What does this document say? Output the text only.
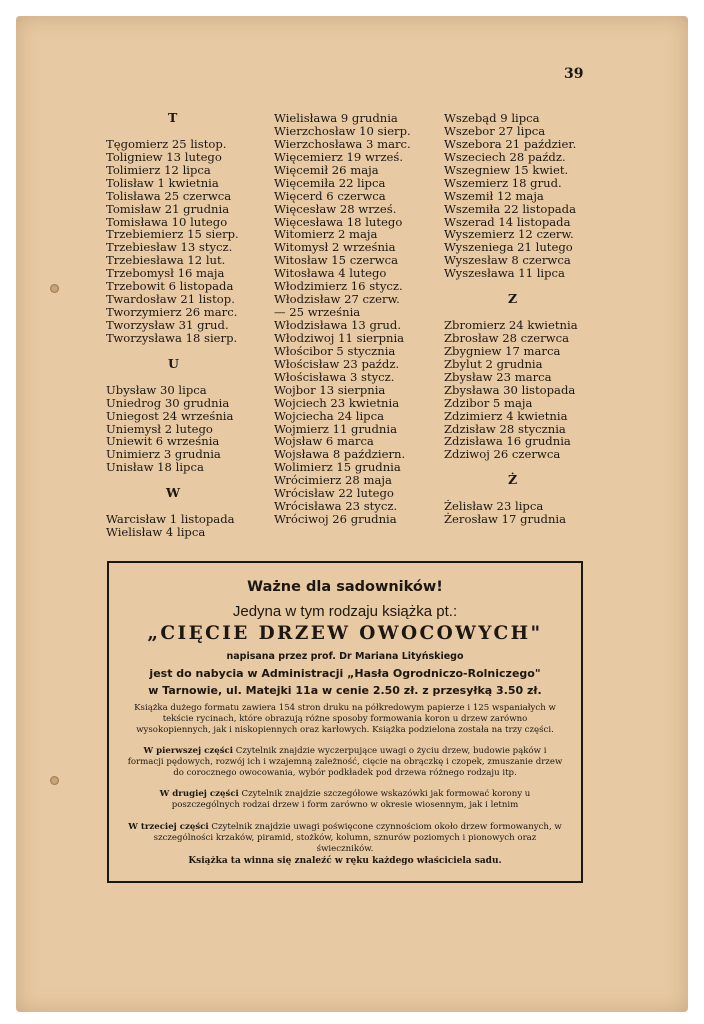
39
T
Tęgomierz 25 listop.
Toligniew 13 lutego
Tolimierz 12 lipca
Tolisław 1 kwietnia
Tolisława 25 czerwca
Tomisław 21 grudnia
Tomisława 10 lutego
Trzebiemierz 15 sierp.
Trzebiesław 13 stycz.
Trzebiesława 12 lut.
Trzebomysł 16 maja
Trzebowit 6 listopada
Twardosław 21 listop.
Tworzymierz 26 marc.
Tworzysław 31 grud.
Tworzysława 18 sierp.
U
Ubysław 30 lipca
Uniedrog 30 grudnia
Uniegost 24 września
Uniemysł 2 lutego
Uniewit 6 września
Unimierz 3 grudnia
Unisław 18 lipca
W
Warcisław 1 listopada
Wielisław 4 lipca
Wielisława 9 grudnia
Wierzchosław 10 sierp.
Wierzchosława 3 marc.
Więcemierz 19 wrześ.
Więcemił 26 maja
Więcemiła 22 lipca
Więcerd 6 czerwca
Więcesław 28 wrześ.
Więcesława 18 lutego
Witomierz 2 maja
Witomysł 2 września
Witosław 15 czerwca
Witosława 4 lutego
Włodzimierz 16 stycz.
Włodzisław 27 czerw.
— 25 września
Włodzisława 13 grud.
Włodziwoj 11 sierpnia
Włościbor 5 stycznia
Włościsław 23 paźdz.
Włościsława 3 stycz.
Wojbor 13 sierpnia
Wojciech 23 kwietnia
Wojciecha 24 lipca
Wojmierz 11 grudnia
Wojsław 6 marca
Wojsława 8 październ.
Wolimierz 15 grudnia
Wrócimierz 28 maja
Wrócisław 22 lutego
Wrócisława 23 stycz.
Wróciwoj 26 grudnia
Wszebąd 9 lipca
Wszebor 27 lipca
Wszebora 21 paździer.
Wszeciech 28 paźdz.
Wszegniew 15 kwiet.
Wszemierz 18 grud.
Wszemił 12 maja
Wszemiła 22 listopada
Wszerad 14 listopada
Wyszemierz 12 czerw.
Wyszeniega 21 lutego
Wyszesław 8 czerwca
Wyszesława 11 lipca
Z
Zbromierz 24 kwietnia
Zbrosław 28 czerwca
Zbygniew 17 marca
Zbylut 2 grudnia
Zbysław 23 marca
Zbysława 30 listopada
Zdzibor 5 maja
Zdzimierz 4 kwietnia
Zdzisław 28 stycznia
Zdzisława 16 grudnia
Zdziwoj 26 czerwca
Ż
Żelisław 23 lipca
Żerosław 17 grudnia
Ważne dla sadowników!
Jedyna w tym rodzaju książka pt.:
„CIĘCIE DRZEW OWOCOWYCH"
napisana przez prof. Dr Mariana Lityńskiego
jest do nabycia w Administracji „Hasła Ogrodniczo-Rolniczego"
w Tarnowie, ul. Matejki 11a w cenie 2.50 zł. z przesyłką 3.50 zł.
Książka dużego formatu zawiera 154 stron druku na półkredowym papierze i 125 wspaniałych w tekście rycinach, które obrazują różne sposoby formowania koron u drzew zarówno wysokopiennych, jak i niskopiennych oraz karłowych. Książka podzielona została na trzy części.
W pierwszej części Czytelnik znajdzie wyczerpujące uwagi o życiu drzew, budowie pąków i formacji pędowych, rozwój ich i wzajemną zależność, cięcie na obrączkę i czopek, zmuszanie drzew do corocznego owocowania, wybór podkładek pod drzewa różnego rodzaju itp.
W drugiej części Czytelnik znajdzie szczegółowe wskazówki jak formować korony u poszczególnych rodzai drzew i form zarówno w okresie wiosennym, jak i letnim
W trzeciej części Czytelnik znajdzie uwagi poświęcone czynnościom około drzew formowanych, w szczególności krzaków, piramid, stożków, kolumn, sznurów poziomych i pionowych oraz świeczników.
Książka ta winna się znaleźć w ręku każdego właściciela sadu.
